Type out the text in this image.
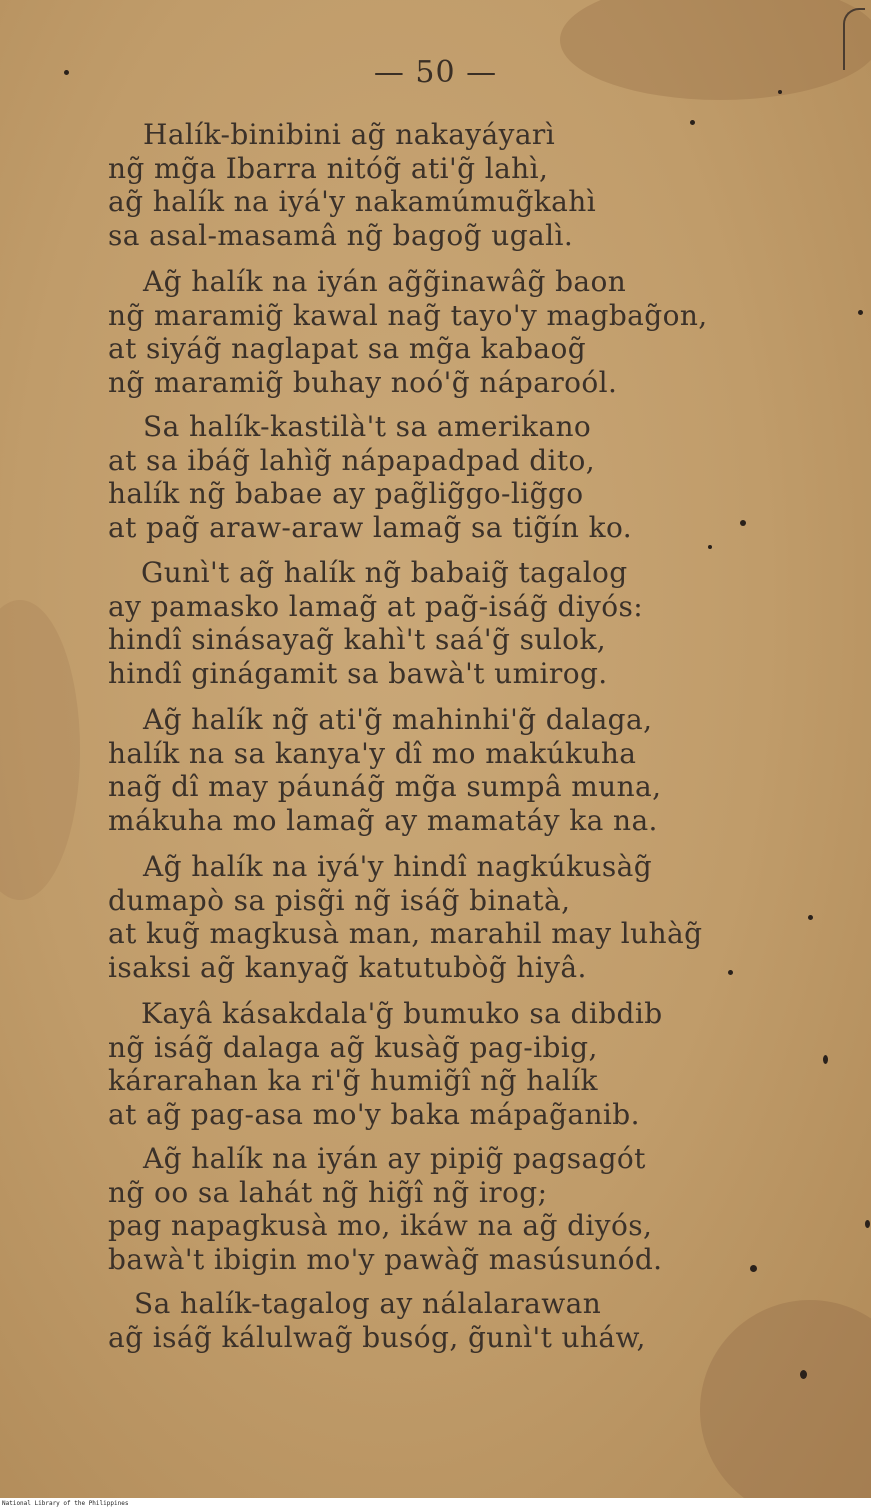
— 50 —
Halík-binibini ag̃ nakayáyarì
ng̃ mg̃a Ibarra nitóg̃ ati'g̃ lahì,
ag̃ halík na iyá'y nakamúmug̃kahì
sa asal-masamâ ng̃ bagog̃ ugalì.
Ag̃ halík na iyán ag̃g̃inawâg̃ baon
ng̃ maramig̃ kawal nag̃ tayo'y magbag̃on,
at siyág̃ naglapat sa mg̃a kabaog̃
ng̃ maramig̃ buhay noó'g̃ náparoól.
Sa halík-kastilà't sa amerikano
at sa ibág̃ lahìg̃ nápapadpad dito,
halík ng̃ babae ay pag̃lig̃go-lig̃go
at pag̃ araw-araw lamag̃ sa tig̃ín ko.
Gunì't ag̃ halík ng̃ babaig̃ tagalog
ay pamasko lamag̃ at pag̃-iság̃ diyós:
hindî sinásayag̃ kahì't saá'g̃ sulok,
hindî ginágamit sa bawà't umirog.
Ag̃ halík ng̃ ati'g̃ mahinhi'g̃ dalaga,
halík na sa kanya'y dî mo makúkuha
nag̃ dî may páunág̃ mg̃a sumpâ muna,
mákuha mo lamag̃ ay mamatáy ka na.
Ag̃ halík na iyá'y hindî nagkúkusàg̃
dumapò sa pisg̃i ng̃ iság̃ binatà,
at kug̃ magkusà man, marahil may luhàg̃
isaksi ag̃ kanyag̃ katutubòg̃ hiyâ.
Kayâ kásakdala'g̃ bumuko sa dibdib
ng̃ iság̃ dalaga ag̃ kusàg̃ pag-ibig,
kárarahan ka ri'g̃ humig̃î ng̃ halík
at ag̃ pag-asa mo'y baka mápag̃anib.
Ag̃ halík na iyán ay pipig̃ pagsagót
ng̃ oo sa lahát ng̃ hig̃î ng̃ irog;
pag napagkusà mo, ikáw na ag̃ diyós,
bawà't ibigin mo'y pawàg̃ masúsunód.
Sa halík-tagalog ay nálalarawan
ag̃ iság̃ kálulwag̃ busóg, g̃unì't uháw,
National Library of the Philippines
